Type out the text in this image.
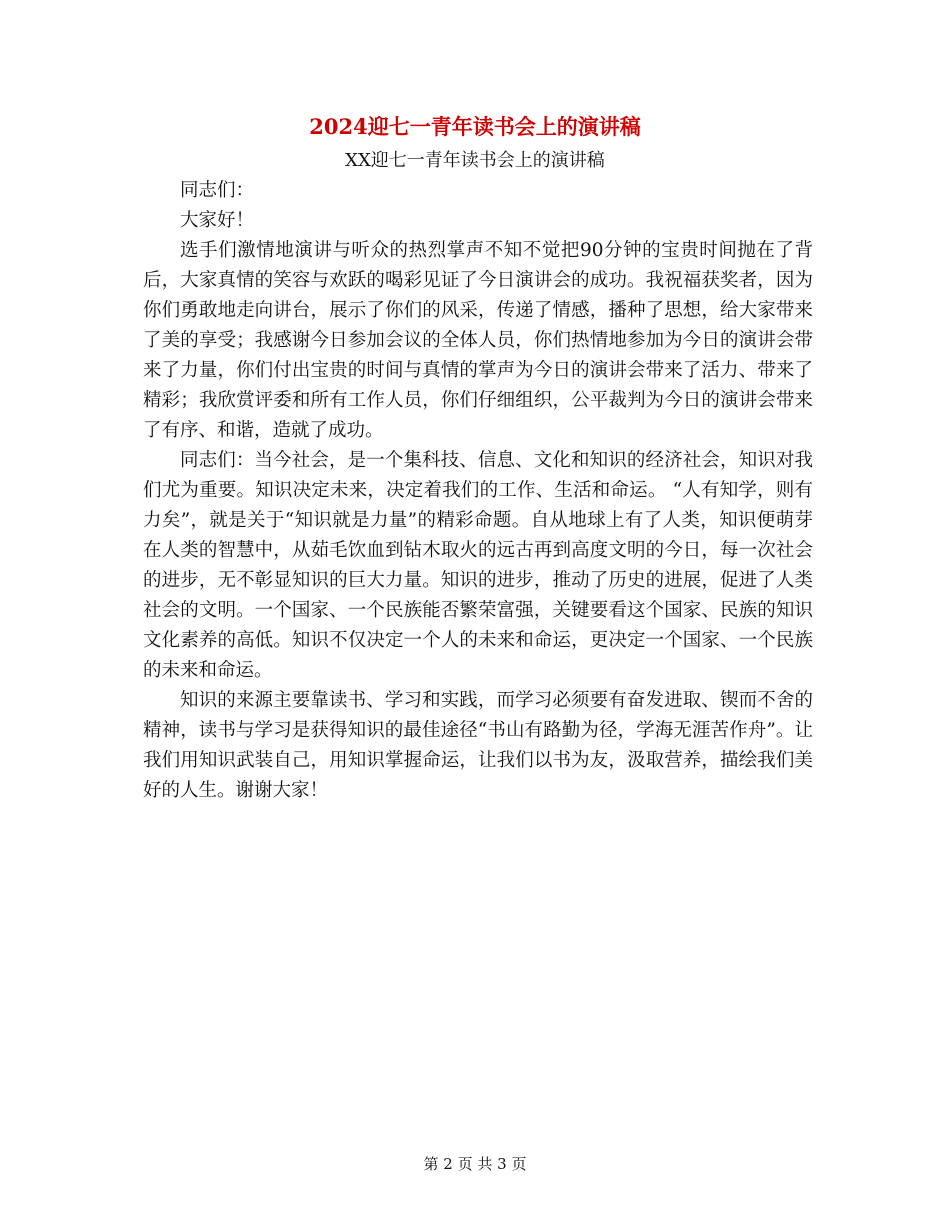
2024迎七一青年读书会上的演讲稿
XX迎七一青年读书会上的演讲稿

同志们：

大家好！

选手们激情地演讲与听众的热烈掌声不知不觉把90分钟的宝贵时间抛在了背后，大家真情的笑容与欢跃的喝彩见证了今日演讲会的成功。我祝福获奖者，因为你们勇敢地走向讲台，展示了你们的风采，传递了情感，播种了思想，给大家带来了美的享受；我感谢今日参加会议的全体人员，你们热情地参加为今日的演讲会带来了力量，你们付出宝贵的时间与真情的掌声为今日的演讲会带来了活力、带来了精彩；我欣赏评委和所有工作人员，你们仔细组织，公平裁判为今日的演讲会带来了有序、和谐，造就了成功。

同志们：当今社会，是一个集科技、信息、文化和知识的经济社会，知识对我们尤为重要。知识决定未来，决定着我们的工作、生活和命运。 “人有知学，则有力矣”，就是关于“知识就是力量”的精彩命题。自从地球上有了人类，知识便萌芽在人类的智慧中，从茹毛饮血到钻木取火的远古再到高度文明的今日，每一次社会的进步，无不彰显知识的巨大力量。知识的进步，推动了历史的进展，促进了人类社会的文明。一个国家、一个民族能否繁荣富强，关键要看这个国家、民族的知识文化素养的高低。知识不仅决定一个人的未来和命运，更决定一个国家、一个民族的未来和命运。

知识的来源主要靠读书、学习和实践，而学习必须要有奋发进取、锲而不舍的精神，读书与学习是获得知识的最佳途径“书山有路勤为径，学海无涯苦作舟”。让我们用知识武装自己，用知识掌握命运，让我们以书为友，汲取营养，描绘我们美好的人生。谢谢大家！

第 2 页 共 3 页
